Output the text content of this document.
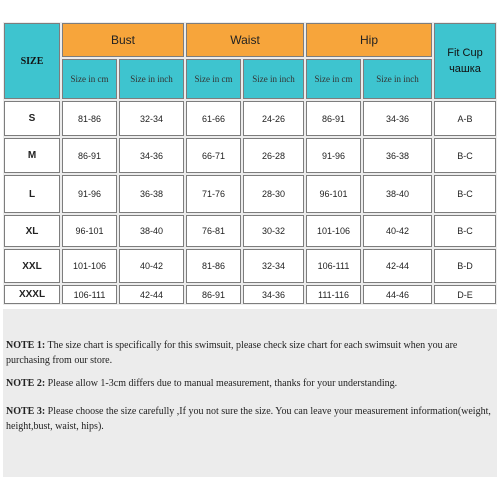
SIZE
Bust	Waist	Hip
Fit Cup
чашка
Size in cm	Size in inch	Size in cm	Size in inch	Size in cm	Size in inch
S	81-86	32-34	61-66	24-26	86-91	34-36	A-B
M	86-91	34-36	66-71	26-28	91-96	36-38	B-C
L	91-96	36-38	71-76	28-30	96-101	38-40	B-C
XL	96-101	38-40	76-81	30-32	101-106	40-42	B-C
XXL	101-106	40-42	81-86	32-34	106-111	42-44	B-D
XXXL	106-111	42-44	86-91	34-36	111-116	44-46	D-E
NOTE 1: The size chart is specifically for this swimsuit, please check size chart for each swimsuit when you are purchasing from our store.
NOTE 2: Please allow 1-3cm differs due to manual measurement, thanks for your understanding.
NOTE 3: Please choose the size carefully ,If you not sure the size. You can leave your measurement information(weight, height,bust, waist, hips).
